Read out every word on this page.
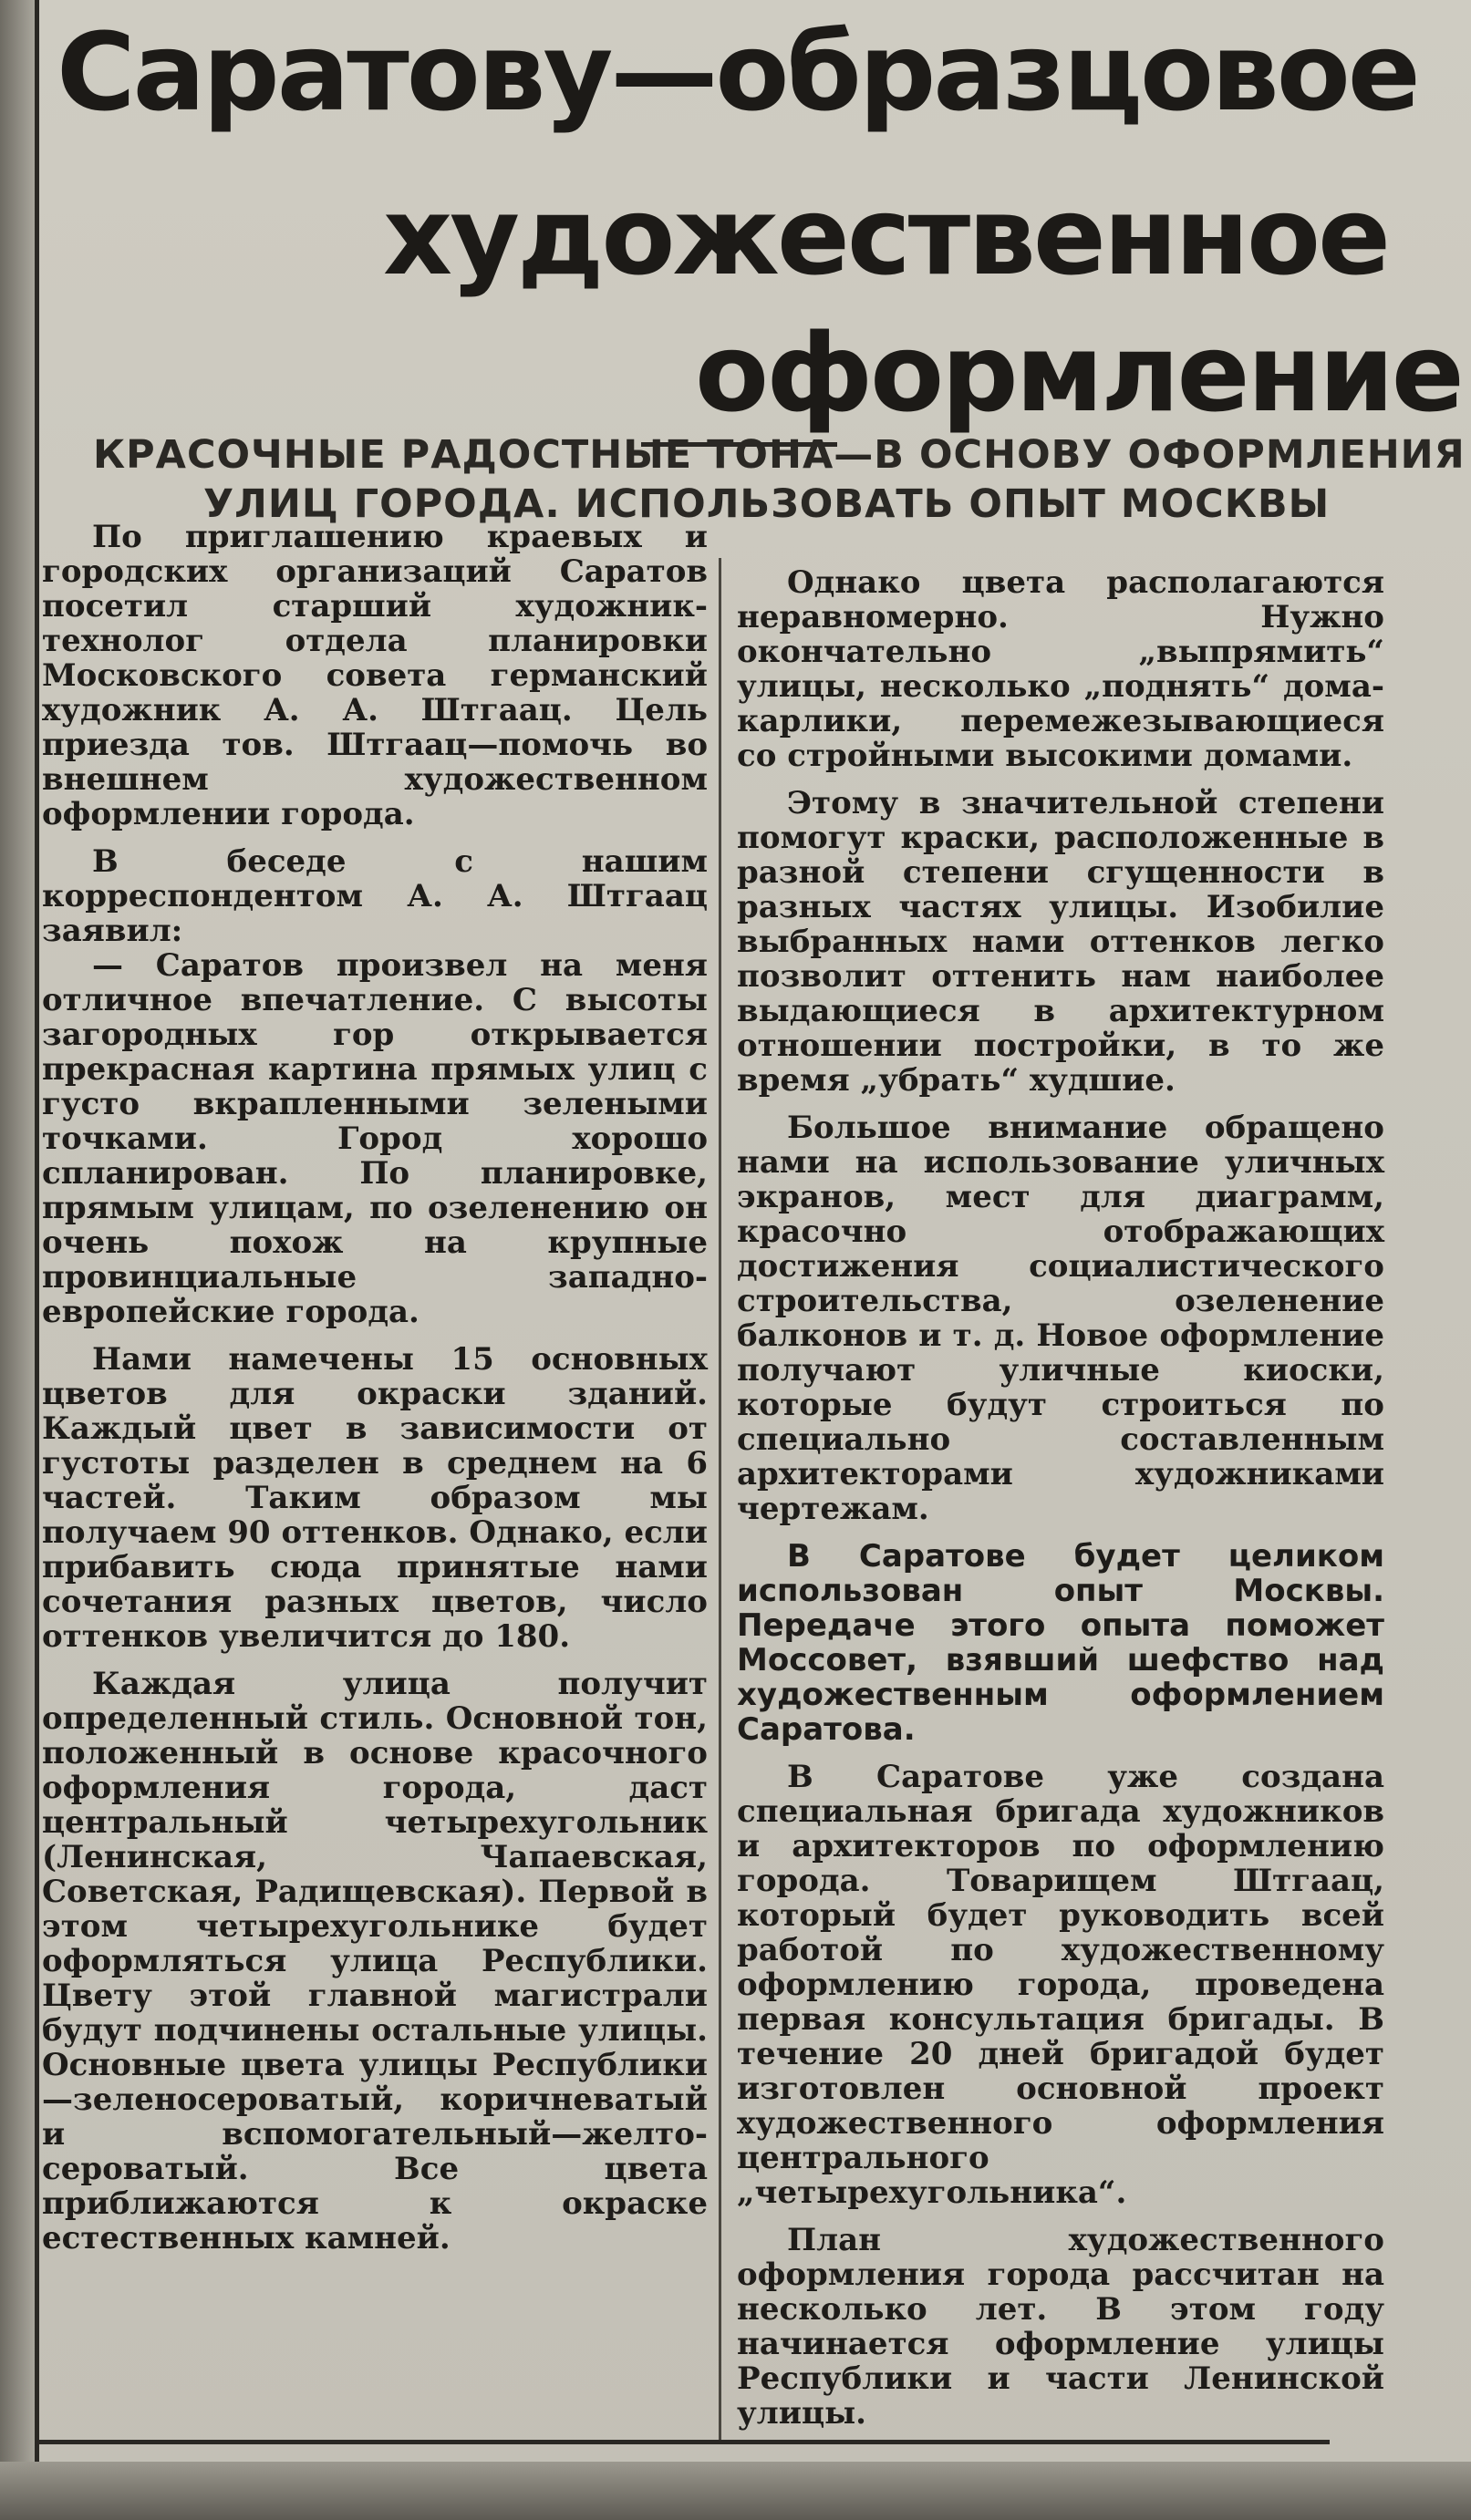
Саратову—образцовое
художественное
оформление
КРАСОЧНЫЕ РАДОСТНЫЕ ТОНА—В ОСНОВУ ОФОРМЛЕНИЯ
УЛИЦ ГОРОДА. ИСПОЛЬЗОВАТЬ ОПЫТ МОСКВЫ

По приглашению краевых и городских организаций Саратов посетил старший художник-технолог отдела планировки Московского совета германский художник А. А. Штгаац. Цель приезда тов. Штгаац—помочь во внешнем художественном оформлении города.

В беседе с нашим корреспондентом А. А. Штгаац заявил:

— Саратов произвел на меня отличное впечатление. С высоты загородных гор открывается прекрасная картина прямых улиц с густо вкрапленными зелеными точками. Город хорошо спланирован. По планировке, прямым улицам, по озеленению он очень похож на крупные провинциальные западно-европейские города.

Нами намечены 15 основных цветов для окраски зданий. Каждый цвет в зависимости от густоты разделен в среднем на 6 частей. Таким образом мы получаем 90 оттенков. Однако, если прибавить сюда принятые нами сочетания разных цветов, число оттенков увеличится до 180.

Каждая улица получит определенный стиль. Основной тон, положенный в основе красочного оформления города, даст центральный четырехугольник (Ленинская, Чапаевская, Советская, Радищевская). Первой в этом четырехугольнике будет оформляться улица Республики. Цвету этой главной магистрали будут подчинены остальные улицы. Основные цвета улицы Республики—зеленосероватый, коричневатый и вспомогательный—желто-сероватый. Все цвета приближаются к окраске естественных камней.

Однако цвета располагаются неравномерно. Нужно окончательно „выпрямить“ улицы, несколько „поднять“ дома-карлики, перемежезывающиеся со стройными высокими домами.

Этому в значительной степени помогут краски, расположенные в разной степени сгущенности в разных частях улицы. Изобилие выбранных нами оттенков легко позволит оттенить нам наиболее выдающиеся в архитектурном отношении постройки, в то же время „убрать“ худшие.

Большое внимание обращено нами на использование уличных экранов, мест для диаграмм, красочно отображающих достижения социалистического строительства, озеленение балконов и т. д. Новое оформление получают уличные киоски, которые будут строиться по специально составленным архитекторами художниками чертежам.

В Саратове будет целиком использован опыт Москвы. Передаче этого опыта поможет Моссовет, взявший шефство над художественным оформлением Саратова.

В Саратове уже создана специальная бригада художников и архитекторов по оформлению города. Товарищем Штгаац, который будет руководить всей работой по художественному оформлению города, проведена первая консультация бригады. В течение 20 дней бригадой будет изготовлен основной проект художественного оформления центрального „четырехугольника“.

План художественного оформления города рассчитан на несколько лет. В этом году начинается оформление улицы Республики и части Ленинской улицы.
